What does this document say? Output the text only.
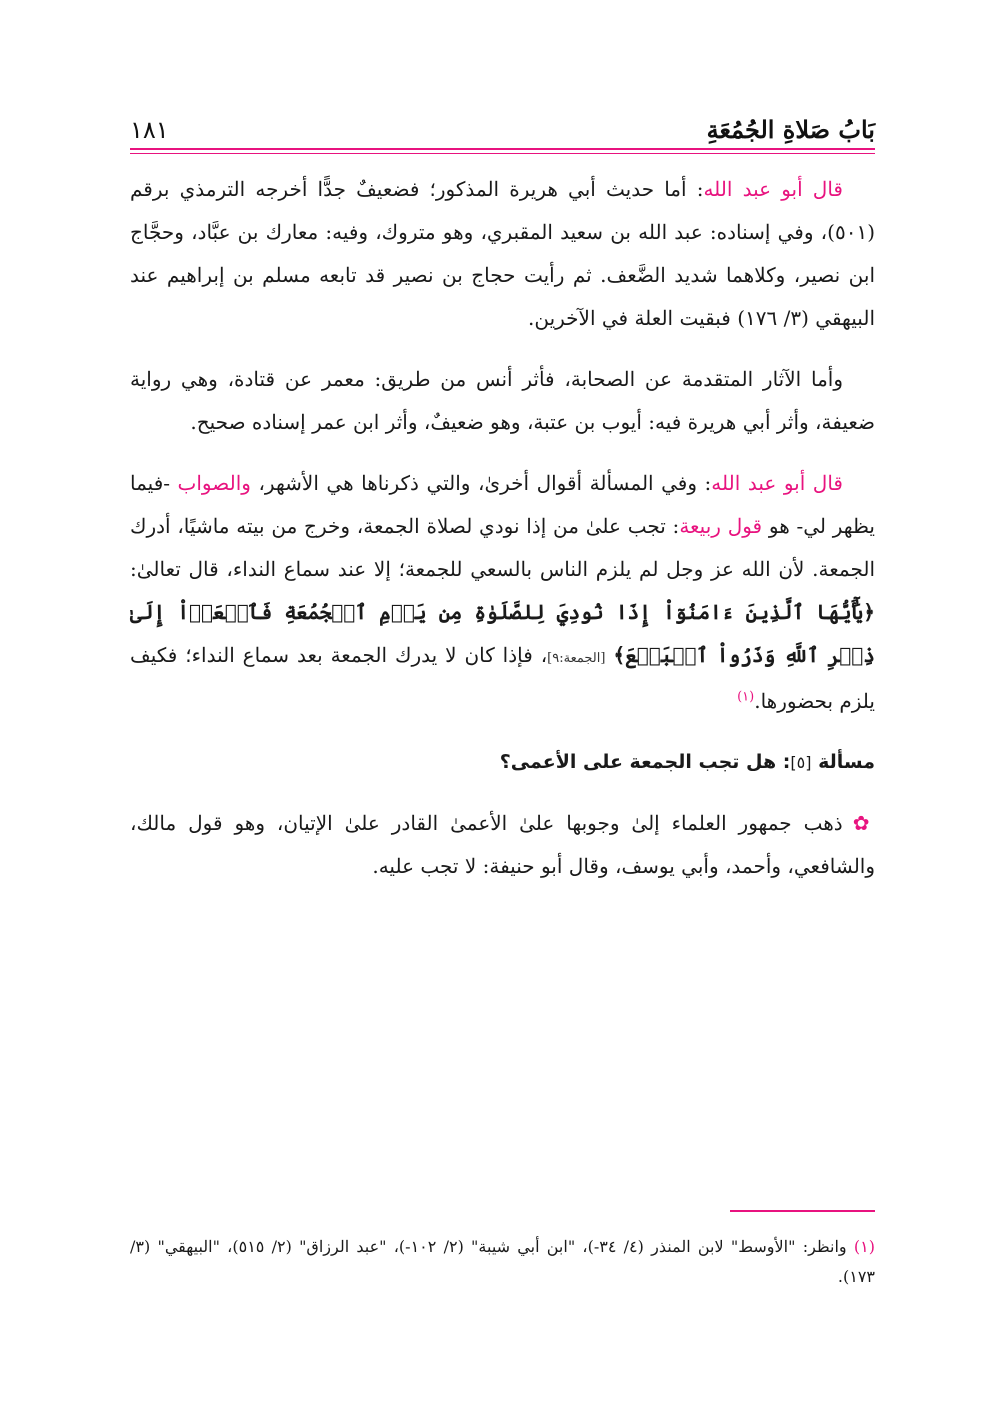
بَابُ صَلاةِ الجُمُعَةِ
١٨١

قال أبو عبد الله: أما حديث أبي هريرة المذكور؛ فضعيفٌ جدًّا أخرجه الترمذي برقم (٥٠١)، وفي إسناده: عبد الله بن سعيد المقبري، وهو متروك، وفيه: معارك بن عبَّاد، وحجَّاج ابن نصير، وكلاهما شديد الضَّعف. ثم رأيت حجاج بن نصير قد تابعه مسلم بن إبراهيم عند البيهقي (٣/ ١٧٦) فبقيت العلة في الآخرين.

وأما الآثار المتقدمة عن الصحابة، فأثر أنس من طريق: معمر عن قتادة، وهي رواية ضعيفة، وأثر أبي هريرة فيه: أيوب بن عتبة، وهو ضعيفٌ، وأثر ابن عمر إسناده صحيح.

قال أبو عبد الله: وفي المسألة أقوال أخرىٰ، والتي ذكرناها هي الأشهر، والصواب -فيما يظهر لي- هو قول ربيعة: تجب علىٰ من إذا نودي لصلاة الجمعة، وخرج من بيته ماشيًا، أدرك الجمعة. لأن الله عز وجل لم يلزم الناس بالسعي للجمعة؛ إلا عند سماع النداء، قال تعالىٰ: ﴿يَٰٓأَيُّهَا ٱلَّذِينَ ءَامَنُوٓاْ إِذَا نُودِيَ لِلصَّلَوٰةِ مِن يَوۡمِ ٱلۡجُمُعَةِ فَٱسۡعَوۡاْ إِلَىٰ ذِكۡرِ ٱللَّهِ وَذَرُواْ ٱلۡبَيۡعَ﴾ [الجمعة:٩]، فإذا كان لا يدرك الجمعة بعد سماع النداء؛ فكيف يلزم بحضورها.$^{(١)}$

مسألة [٥]: هل تجب الجمعة على الأعمى؟

✿ذهب جمهور العلماء إلىٰ وجوبها علىٰ الأعمىٰ القادر علىٰ الإتيان، وهو قول مالك، والشافعي، وأحمد، وأبي يوسف، وقال أبو حنيفة: لا تجب عليه.

(١) وانظر: "الأوسط" لابن المنذر (٤/ ٣٤-)، "ابن أبي شيبة" (٢/ ١٠٢-)، "عبد الرزاق" (٢/ ٥١٥)، "البيهقي" (٣/ ١٧٣).
